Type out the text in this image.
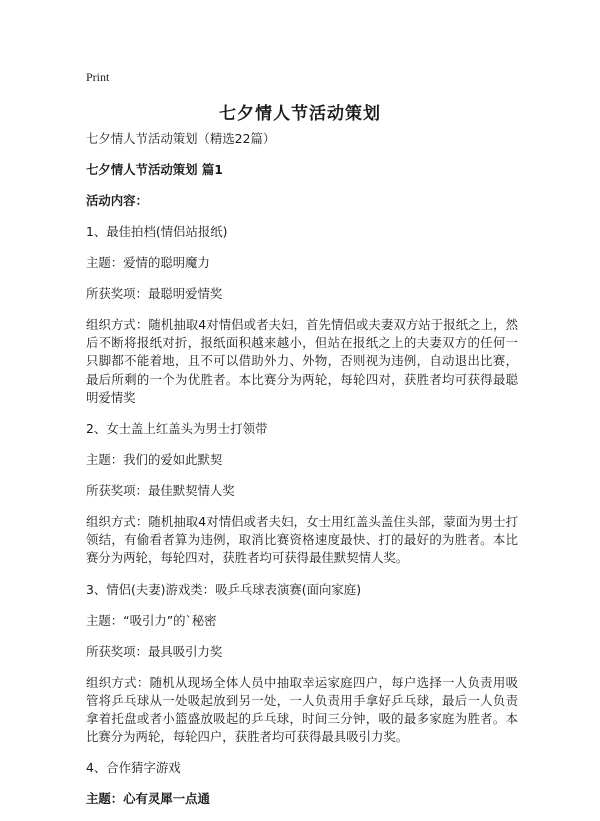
Print
七夕情人节活动策划

七夕情人节活动策划（精选22篇）

七夕情人节活动策划 篇1

活动内容：

1、最佳拍档(情侣站报纸)

主题：爱情的聪明魔力

所获奖项：最聪明爱情奖

组织方式：随机抽取4对情侣或者夫妇，首先情侣或夫妻双方站于报纸之上，然后不断将报纸对折，报纸面积越来越小，但站在报纸之上的夫妻双方的任何一只脚都不能着地，且不可以借助外力、外物，否则视为违例，自动退出比赛，最后所剩的一个为优胜者。本比赛分为两轮，每轮四对，获胜者均可获得最聪明爱情奖

2、女士盖上红盖头为男士打领带

主题：我们的爱如此默契

所获奖项：最佳默契情人奖

组织方式：随机抽取4对情侣或者夫妇，女士用红盖头盖住头部，蒙面为男士打领结，有偷看者算为违例，取消比赛资格速度最快、打的最好的为胜者。本比赛分为两轮，每轮四对，获胜者均可获得最佳默契情人奖。

3、情侣(夫妻)游戏类：吸乒乓球表演赛(面向家庭)

主题：“吸引力”的`秘密

所获奖项：最具吸引力奖

组织方式：随机从现场全体人员中抽取幸运家庭四户，每户选择一人负责用吸管将乒乓球从一处吸起放到另一处，一人负责用手拿好乒乓球，最后一人负责拿着托盘或者小篮盛放吸起的乒乓球，时间三分钟，吸的最多家庭为胜者。本比赛分为两轮，每轮四户，获胜者均可获得最具吸引力奖。

4、合作猜字游戏

主题：心有灵犀一点通
